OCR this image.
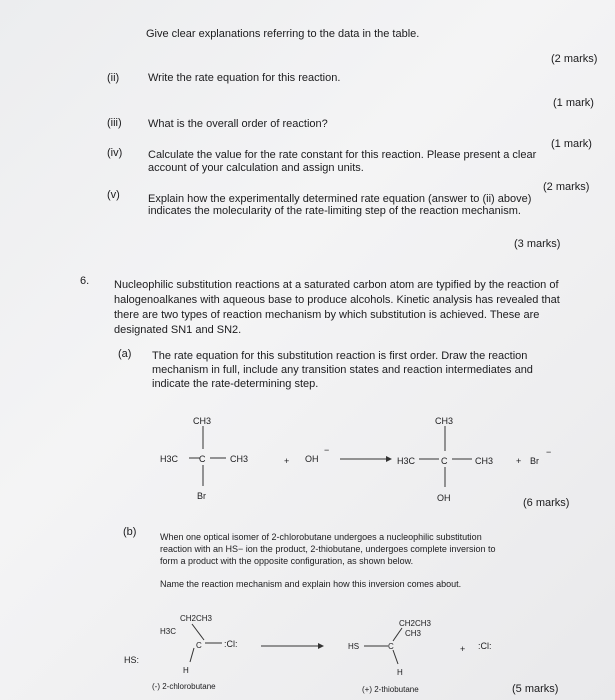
Give clear explanations referring to the data in the table.
(2 marks)
(ii)	Write the rate equation for this reaction.
(1 mark)
(iii) What is the overall order of reaction?
(1 mark)
(iv) Calculate the value for the rate constant for this reaction. Please present a clear
account of your calculation and assign units.
(2 marks)
(v)	Explain how the experimentally determined rate equation (answer to (ii) above)
indicates the molecularity of the rate-limiting step of the reaction mechanism.
(3 marks)
6. Nucleophilic substitution reactions at a saturated carbon atom are typified by the reaction of
halogenoalkanes with aqueous base to produce alcohols. Kinetic analysis has revealed that
there are two types of reaction mechanism by which substitution is achieved. These are
designated SN1 and SN2.
(a) The rate equation for this substitution reaction is first order. Draw the reaction
mechanism in full, include any transition states and reaction intermediates and
indicate the rate-determining step.
CH3
H3C C	CH3
Br
+ OH
−
CH3
H3C	C	CH3
OH
+ Br
−
(6 marks)
(b)	When one optical isomer of 2-chlorobutane undergoes a nucleophilic substitution
reaction with an HS− ion the product, 2-thiobutane, undergoes complete inversion to
form a product with the opposite configuration, as shown below.
Name the reaction mechanism and explain how this inversion comes about.
CH2CH3
H3C
C :Cl:
HS:
H
(-) 2-chlorobutane
CH2CH3
CH3
HS	C
H
(+) 2-thiobutane
+ :Cl:
(5 marks)
